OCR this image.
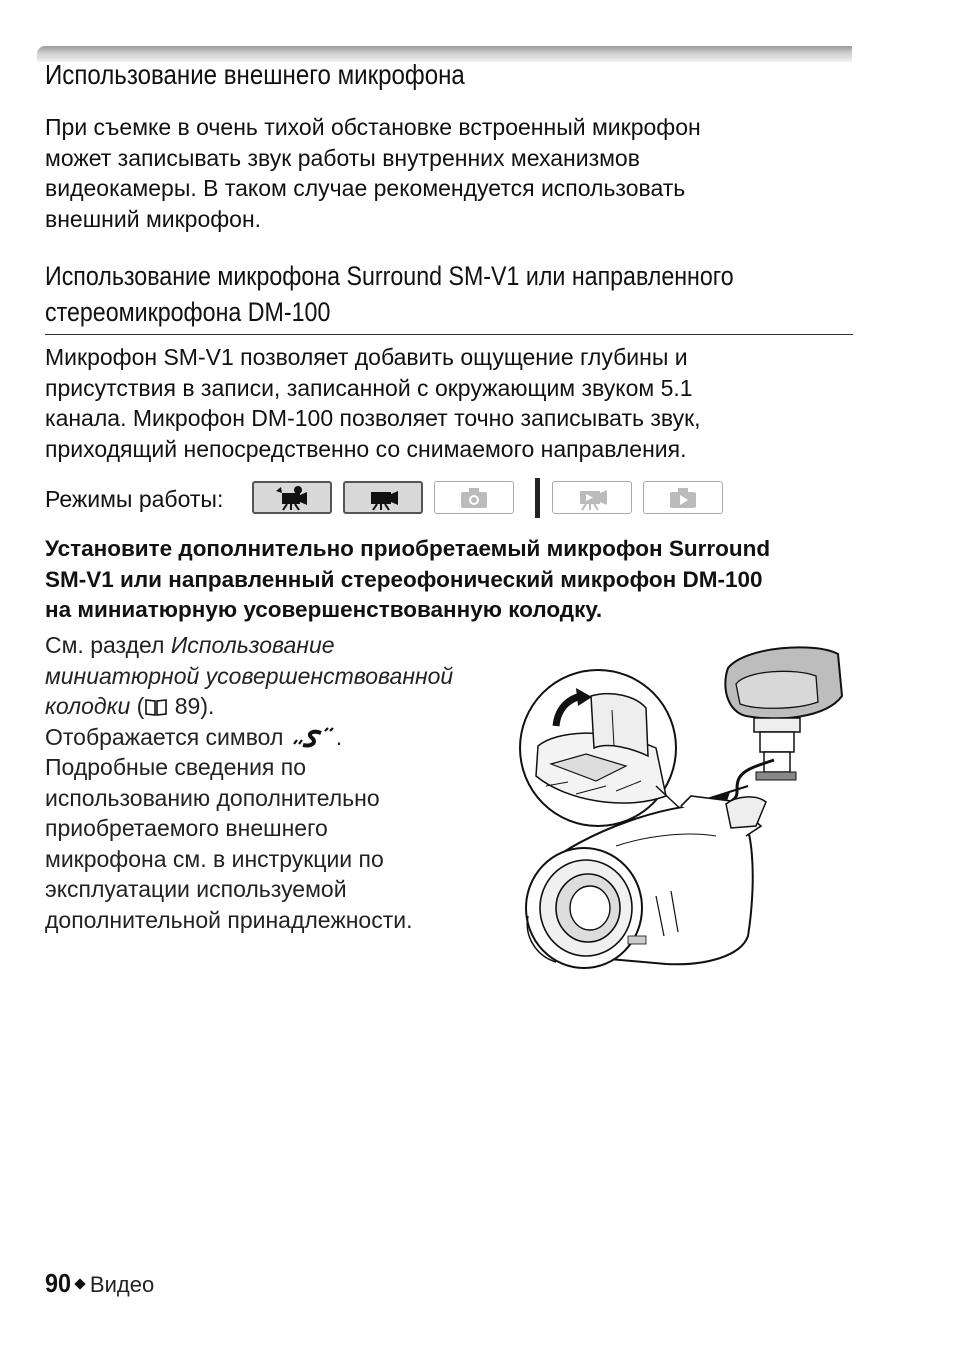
Использование внешнего микрофона
При съемке в очень тихой обстановке встроенный микрофон
может записывать звук работы внутренних механизмов
видеокамеры. В таком случае рекомендуется использовать
внешний микрофон.
Использование микрофона Surround SM-V1 или направленного
стереомикрофона DM-100
Микрофон SM-V1 позволяет добавить ощущение глубины и
присутствия в записи, записанной с окружающим звуком 5.1
канала. Микрофон DM-100 позволяет точно записывать звук,
приходящий непосредственно со снимаемого направления.
Режимы работы:
Установите дополнительно приобретаемый микрофон Surround
SM-V1 или направленный стереофонический микрофон DM-100
на миниатюрную усовершенствованную колодку.
См. раздел Использование
миниатюрной усовершенствованной
колодки ( 89).
Отображается символ .
Подробные сведения по
использованию дополнительно
приобретаемого внешнего
микрофона см. в инструкции по
эксплуатации используемой
дополнительной принадлежности.
90 Видео
